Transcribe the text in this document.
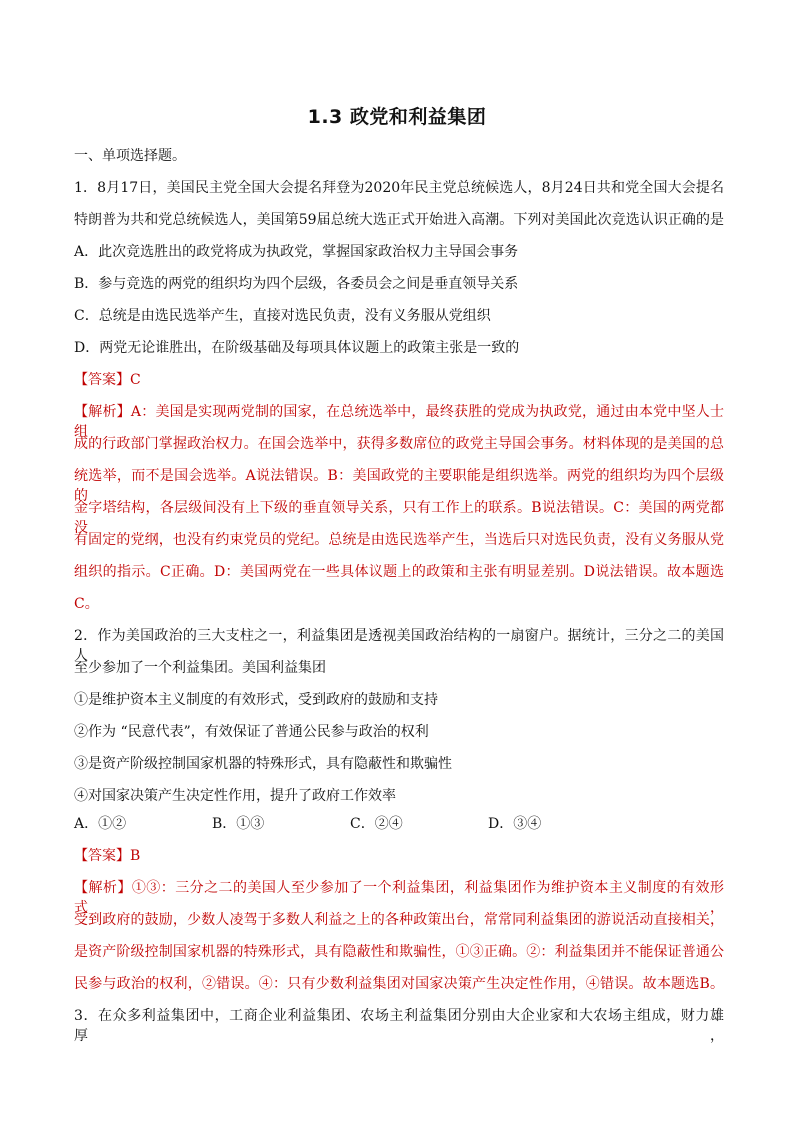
1.3 政党和利益集团
一、单项选择题。
1．8月17日，美国民主党全国大会提名拜登为2020年民主党总统候选人，8月24日共和党全国大会提名
特朗普为共和党总统候选人，美国第59届总统大选正式开始进入高潮。下列对美国此次竞选认识正确的是
A．此次竞选胜出的政党将成为执政党，掌握国家政治权力主导国会事务
B．参与竞选的两党的组织均为四个层级，各委员会之间是垂直领导关系
C．总统是由选民选举产生，直接对选民负责，没有义务服从党组织
D．两党无论谁胜出，在阶级基础及每项具体议题上的政策主张是一致的
【答案】C
【解析】A：美国是实现两党制的国家，在总统选举中，最终获胜的党成为执政党，通过由本党中坚人士组
成的行政部门掌握政治权力。在国会选举中，获得多数席位的政党主导国会事务。材料体现的是美国的总
统选举，而不是国会选举。A说法错误。B：美国政党的主要职能是组织选举。两党的组织均为四个层级的
金字塔结构，各层级间没有上下级的垂直领导关系，只有工作上的联系。B说法错误。C：美国的两党都没
有固定的党纲，也没有约束党员的党纪。总统是由选民选举产生，当选后只对选民负责，没有义务服从党
组织的指示。C正确。D：美国两党在一些具体议题上的政策和主张有明显差别。D说法错误。故本题选
C。
2．作为美国政治的三大支柱之一，利益集团是透视美国政治结构的一扇窗户。据统计，三分之二的美国人
至少参加了一个利益集团。美国利益集团
①是维护资本主义制度的有效形式，受到政府的鼓励和支持
②作为 “民意代表”，有效保证了普通公民参与政治的权利
③是资产阶级控制国家机器的特殊形式，具有隐蔽性和欺骗性
④对国家决策产生决定性作用，提升了政府工作效率
A．①②	B．①③	C．②④	D．③④
【答案】B
【解析】①③：三分之二的美国人至少参加了一个利益集团，利益集团作为维护资本主义制度的有效形式，
受到政府的鼓励，少数人凌驾于多数人利益之上的各种政策出台，常常同利益集团的游说活动直接相关，
是资产阶级控制国家机器的特殊形式，具有隐蔽性和欺骗性，①③正确。②：利益集团并不能保证普通公
民参与政治的权利，②错误。④：只有少数利益集团对国家决策产生决定性作用，④错误。故本题选B。
3．在众多利益集团中，工商企业利益集团、农场主利益集团分别由大企业家和大农场主组成，财力雄厚，
